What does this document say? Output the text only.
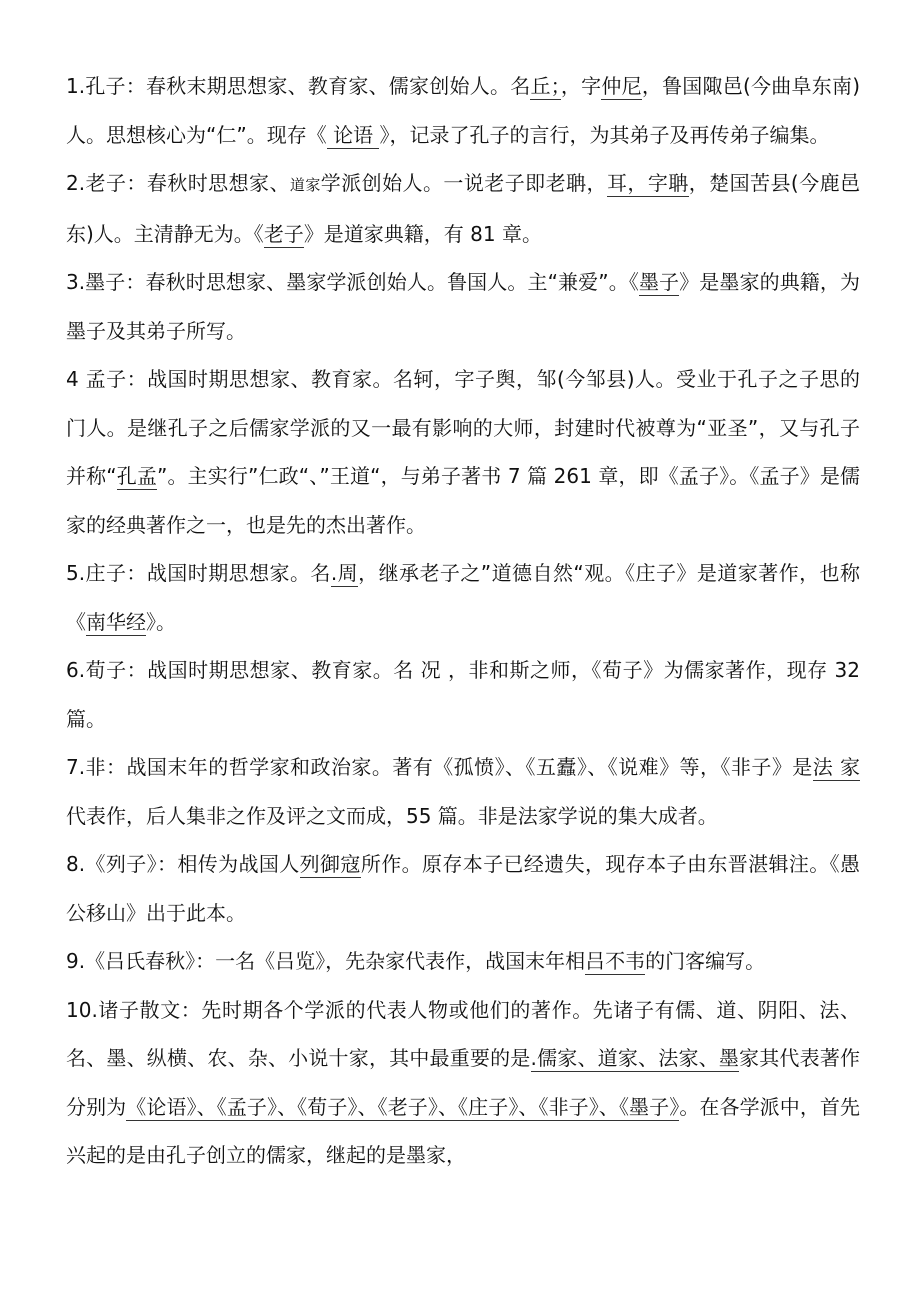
1.孔子：春秋末期思想家、教育家、儒家创始人。名丘；，字仲尼，鲁国陬邑(今曲阜东南)人。思想核心为“仁”。现存《 论语 》，记录了孔子的言行，为其弟子及再传弟子编集。

2.老子：春秋时思想家、道家学派创始人。一说老子即老聃，耳，字聃，楚国苦县(今鹿邑东)人。主清静无为。《老子》是道家典籍，有 81 章。

3.墨子：春秋时思想家、墨家学派创始人。鲁国人。主“兼爱”。《墨子》是墨家的典籍，为墨子及其弟子所写。

4 孟子：战国时期思想家、教育家。名轲，字子舆，邹(今邹县)人。受业于孔子之子思的门人。是继孔子之后儒家学派的又一最有影响的大师，封建时代被尊为“亚圣”，又与孔子并称“孔孟”。主实行”仁政“、”王道“，与弟子著书 7 篇 261 章，即《孟子》。《孟子》是儒家的经典著作之一，也是先的杰出著作。

5.庄子：战国时期思想家。名.周，继承老子之”道德自然“观。《庄子》是道家著作，也称《南华经》。

6.荀子：战国时期思想家、教育家。名 况 ，非和斯之师，《荀子》为儒家著作，现存 32 篇。

7.非：战国末年的哲学家和政治家。著有《孤愤》、《五蠹》、《说难》等，《非子》是法 家代表作，后人集非之作及评之文而成，55 篇。非是法家学说的集大成者。

8.《列子》：相传为战国人列御寇所作。原存本子已经遗失，现存本子由东晋湛辑注。《愚公移山》出于此本。

9.《吕氏春秋》：一名《吕览》，先杂家代表作，战国末年相吕不韦的门客编写。

10.诸子散文：先时期各个学派的代表人物或他们的著作。先诸子有儒、道、阴阳、法、名、墨、纵横、农、杂、小说十家，其中最重要的是.儒家、道家、法家、墨家其代表著作分别为《论语》、《孟子》、《荀子》、《老子》、《庄子》、《非子》、《墨子》。在各学派中，首先兴起的是由孔子创立的儒家，继起的是墨家，
